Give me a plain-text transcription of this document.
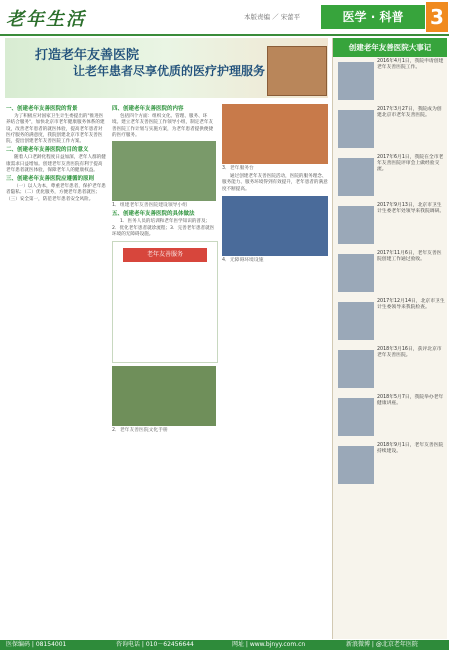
老年生活	本版责编 ／ 宋蕾平	医学 · 科普	3
打造老年友善医院
让老年患者尽享优质的医疗护理服务
一、创建老年友善医院的背景
为了积极应对国家卫生计生委提出的"推进医养结合服务"，加快北京市老年健康服务体系的建设，改善老年患者的就医体验，提高老年患者对医疗服务的满意度，我院创建北京市老年友善医院，提出创建老年友善医院工作方案。
二、创建老年友善医院的目的意义
随着人口老龄化程度日益加深，老年人群的健康需求日益增加。创建老年友善医院有利于提高老年患者就医体验，保障老年人的健康权益。
三、创建老年友善医院应遵循的原则
（一）以人为本，尊重老年患者，保护老年患者隐私；（二）优化服务，方便老年患者就医；（三）安全第一，防范老年患者安全风险。
四、创建老年友善医院的内容
包括四个方面：组织文化、管理、服务、环境。建立老年友善医院工作领导小组，制定老年友善医院工作计划与实施方案，为老年患者提供便捷的医疗服务。
1．组建老年友善医院建设领导小组
五、创建老年友善医院的具体做法
1．医务人员的培训和老年医学知识的普及；2．优化老年患者就诊流程；3．完善老年患者就医环境的无障碍设施。
老年友善服务
2．老年友善医院文化手册
3．老年服务台
通过创建老年友善医院活动，医院的服务理念、服务能力、服务环境得到有效提升，老年患者的满意度不断提高。
4．无障碍环境设施
创建老年友善医院大事记
2016年4月1日，我院申请创建老年友善医院工作。
2017年3月27日，我院成为创建北京市老年友善医院。
2017年6月1日，我院在全市老年友善医院评审会上做经验交流。
2017年9月13日，北京市卫生计生委老年处领导来我院调研。
2017年11月6日，老年友善医院创建工作通过验收。
2017年12月14日，北京市卫生计生委领导来我院检查。
2018年3月16日，获评北京市老年友善医院。
2018年5月7日，我院举办老年健康讲座。
2018年9月1日，老年友善医院持续建设。
医保编码 | 08154001	咨询电话 | 010－62456644	网址 | www.bjnyy.com.cn	新浪微博 | @北京老年医院
